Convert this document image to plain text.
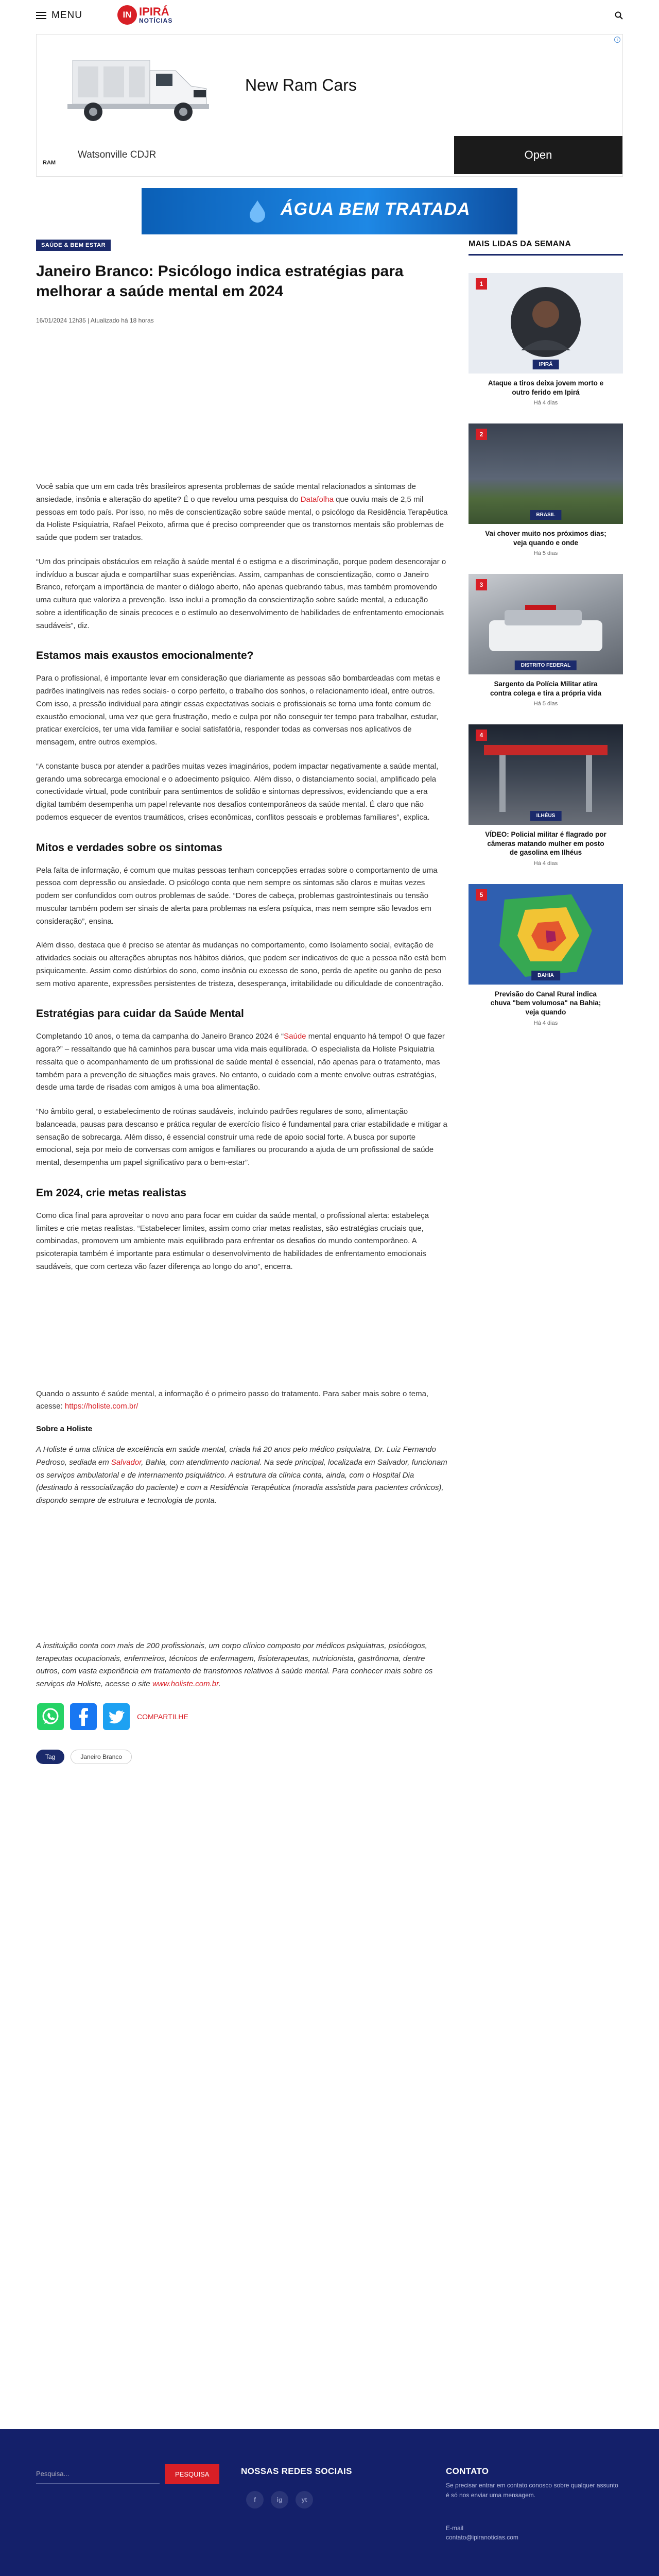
MENU	IN IPIRÁ
NOTÍCIAS
New Ram Cars
i
Watsonville CDJR
RAM
Open
ÁGUA BEM TRATADA
SAÚDE & BEM ESTAR
Janeiro Branco: Psicólogo indica estratégias para melhorar a saúde mental em 2024
16/01/2024 12h35 | Atualizado há 18 horas

Você sabia que um em cada três brasileiros apresenta problemas de saúde mental relacionados a sintomas de ansiedade, insônia e alteração do apetite? É o que revelou uma pesquisa do Datafolha que ouviu mais de 2,5 mil pessoas em todo país. Por isso, no mês de conscientização sobre saúde mental, o psicólogo da Residência Terapêutica da Holiste Psiquiatria, Rafael Peixoto, afirma que é preciso compreender que os transtornos mentais são problemas de saúde que podem ser tratados.

“Um dos principais obstáculos em relação à saúde mental é o estigma e a discriminação, porque podem desencorajar o indivíduo a buscar ajuda e compartilhar suas experiências. Assim, campanhas de conscientização, como o Janeiro Branco, reforçam a importância de manter o diálogo aberto, não apenas quebrando tabus, mas também promovendo uma cultura que valoriza a prevenção. Isso inclui a promoção da conscientização sobre saúde mental, a educação sobre a identificação de sinais precoces e o estímulo ao desenvolvimento de habilidades de enfrentamento emocionais saudáveis”, diz.

Estamos mais exaustos emocionalmente?

Para o profissional, é importante levar em consideração que diariamente as pessoas são bombardeadas com metas e padrões inatingíveis nas redes sociais- o corpo perfeito, o trabalho dos sonhos, o relacionamento ideal, entre outros. Com isso, a pressão individual para atingir essas expectativas sociais e profissionais se torna uma fonte comum de exaustão emocional, uma vez que gera frustração, medo e culpa por não conseguir ter tempo para trabalhar, estudar, praticar exercícios, ter uma vida familiar e social satisfatória, responder todas as conversas nos aplicativos de mensagem, entre outros exemplos.

“A constante busca por atender a padrões muitas vezes imaginários, podem impactar negativamente a saúde mental, gerando uma sobrecarga emocional e o adoecimento psíquico. Além disso, o distanciamento social, amplificado pela conectividade virtual, pode contribuir para sentimentos de solidão e sintomas depressivos, evidenciando que a era digital também desempenha um papel relevante nos desafios contemporâneos da saúde mental. É claro que não podemos esquecer de eventos traumáticos, crises econômicas, conflitos pessoais e problemas familiares”, explica.

Mitos e verdades sobre os sintomas

Pela falta de informação, é comum que muitas pessoas tenham concepções erradas sobre o comportamento de uma pessoa com depressão ou ansiedade. O psicólogo conta que nem sempre os sintomas são claros e muitas vezes podem ser confundidos com outros problemas de saúde. “Dores de cabeça, problemas gastrointestinais ou tensão muscular também podem ser sinais de alerta para problemas na esfera psíquica, mas nem sempre são levados em consideração”, ensina.

Além disso, destaca que é preciso se atentar às mudanças no comportamento, como Isolamento social, evitação de atividades sociais ou alterações abruptas nos hábitos diários, que podem ser indicativos de que a pessoa não está bem psiquicamente. Assim como distúrbios do sono, como insônia ou excesso de sono, perda de apetite ou ganho de peso sem motivo aparente, expressões persistentes de tristeza, desesperança, irritabilidade ou dificuldade de concentração.

Estratégias para cuidar da Saúde Mental

Completando 10 anos, o tema da campanha do Janeiro Branco 2024 é “Saúde mental enquanto há tempo! O que fazer agora?” – ressaltando que há caminhos para buscar uma vida mais equilibrada. O especialista da Holiste Psiquiatria ressalta que o acompanhamento de um profissional de saúde mental é essencial, não apenas para o tratamento, mas também para a prevenção de situações mais graves. No entanto, o cuidado com a mente envolve outras estratégias, desde uma tarde de risadas com amigos à uma boa alimentação.

“No âmbito geral, o estabelecimento de rotinas saudáveis, incluindo padrões regulares de sono, alimentação balanceada, pausas para descanso e prática regular de exercício físico é fundamental para criar estabilidade e mitigar a sensação de sobrecarga. Além disso, é essencial construir uma rede de apoio social forte. A busca por suporte emocional, seja por meio de conversas com amigos e familiares ou procurando a ajuda de um profissional de saúde mental, desempenha um papel significativo para o bem-estar”.

Em 2024, crie metas realistas

Como dica final para aproveitar o novo ano para focar em cuidar da saúde mental, o profissional alerta: estabeleça limites e crie metas realistas. “Estabelecer limites, assim como criar metas realistas, são estratégias cruciais que, combinadas, promovem um ambiente mais equilibrado para enfrentar os desafios do mundo contemporâneo. A psicoterapia também é importante para estimular o desenvolvimento de habilidades de enfrentamento emocionais saudáveis, que com certeza vão fazer diferença ao longo do ano”, encerra.

Quando o assunto é saúde mental, a informação é o primeiro passo do tratamento. Para saber mais sobre o tema, acesse: https://holiste.com.br/

Sobre a Holiste

A Holiste é uma clínica de excelência em saúde mental, criada há 20 anos pelo médico psiquiatra, Dr. Luiz Fernando Pedroso, sediada em Salvador, Bahia, com atendimento nacional. Na sede principal, localizada em Salvador, funcionam os serviços ambulatorial e de internamento psiquiátrico. A estrutura da clínica conta, ainda, com o Hospital Dia (destinado à ressocialização do paciente) e com a Residência Terapêutica (moradia assistida para pacientes crônicos), dispondo sempre de estrutura e tecnologia de ponta.

A instituição conta com mais de 200 profissionais, um corpo clínico composto por médicos psiquiatras, psicólogos, terapeutas ocupacionais, enfermeiros, técnicos de enfermagem, fisioterapeutas, nutricionista, gastrônoma, dentre outros, com vasta experiência em tratamento de transtornos relativos à saúde mental. Para conhecer mais sobre os serviços da Holiste, acesse o site www.holiste.com.br.

COMPARTILHE
Tag	Janeiro Branco
MAIS LIDAS DA SEMANA
1
IPIRÁ
Ataque a tiros deixa jovem morto e outro ferido em Ipirá
Há 4 dias
2
BRASIL
Vai chover muito nos próximos dias; veja quando e onde
Há 5 dias
3
DISTRITO FEDERAL
Sargento da Polícia Militar atira contra colega e tira a própria vida
Há 5 dias
4
ILHÉUS
VÍDEO: Policial militar é flagrado por câmeras matando mulher em posto de gasolina em Ilhéus
Há 4 dias
5
BAHIA
Previsão do Canal Rural indica chuva "bem volumosa" na Bahia; veja quando
Há 4 dias
Pesquisa...
PESQUISA	NOSSAS REDES SOCIAIS
f	ig	yt
CONTATO
Se precisar entrar em contato conosco sobre qualquer assunto é só nos enviar uma mensagem.
E-mail
contato@ipiranoticias.com
